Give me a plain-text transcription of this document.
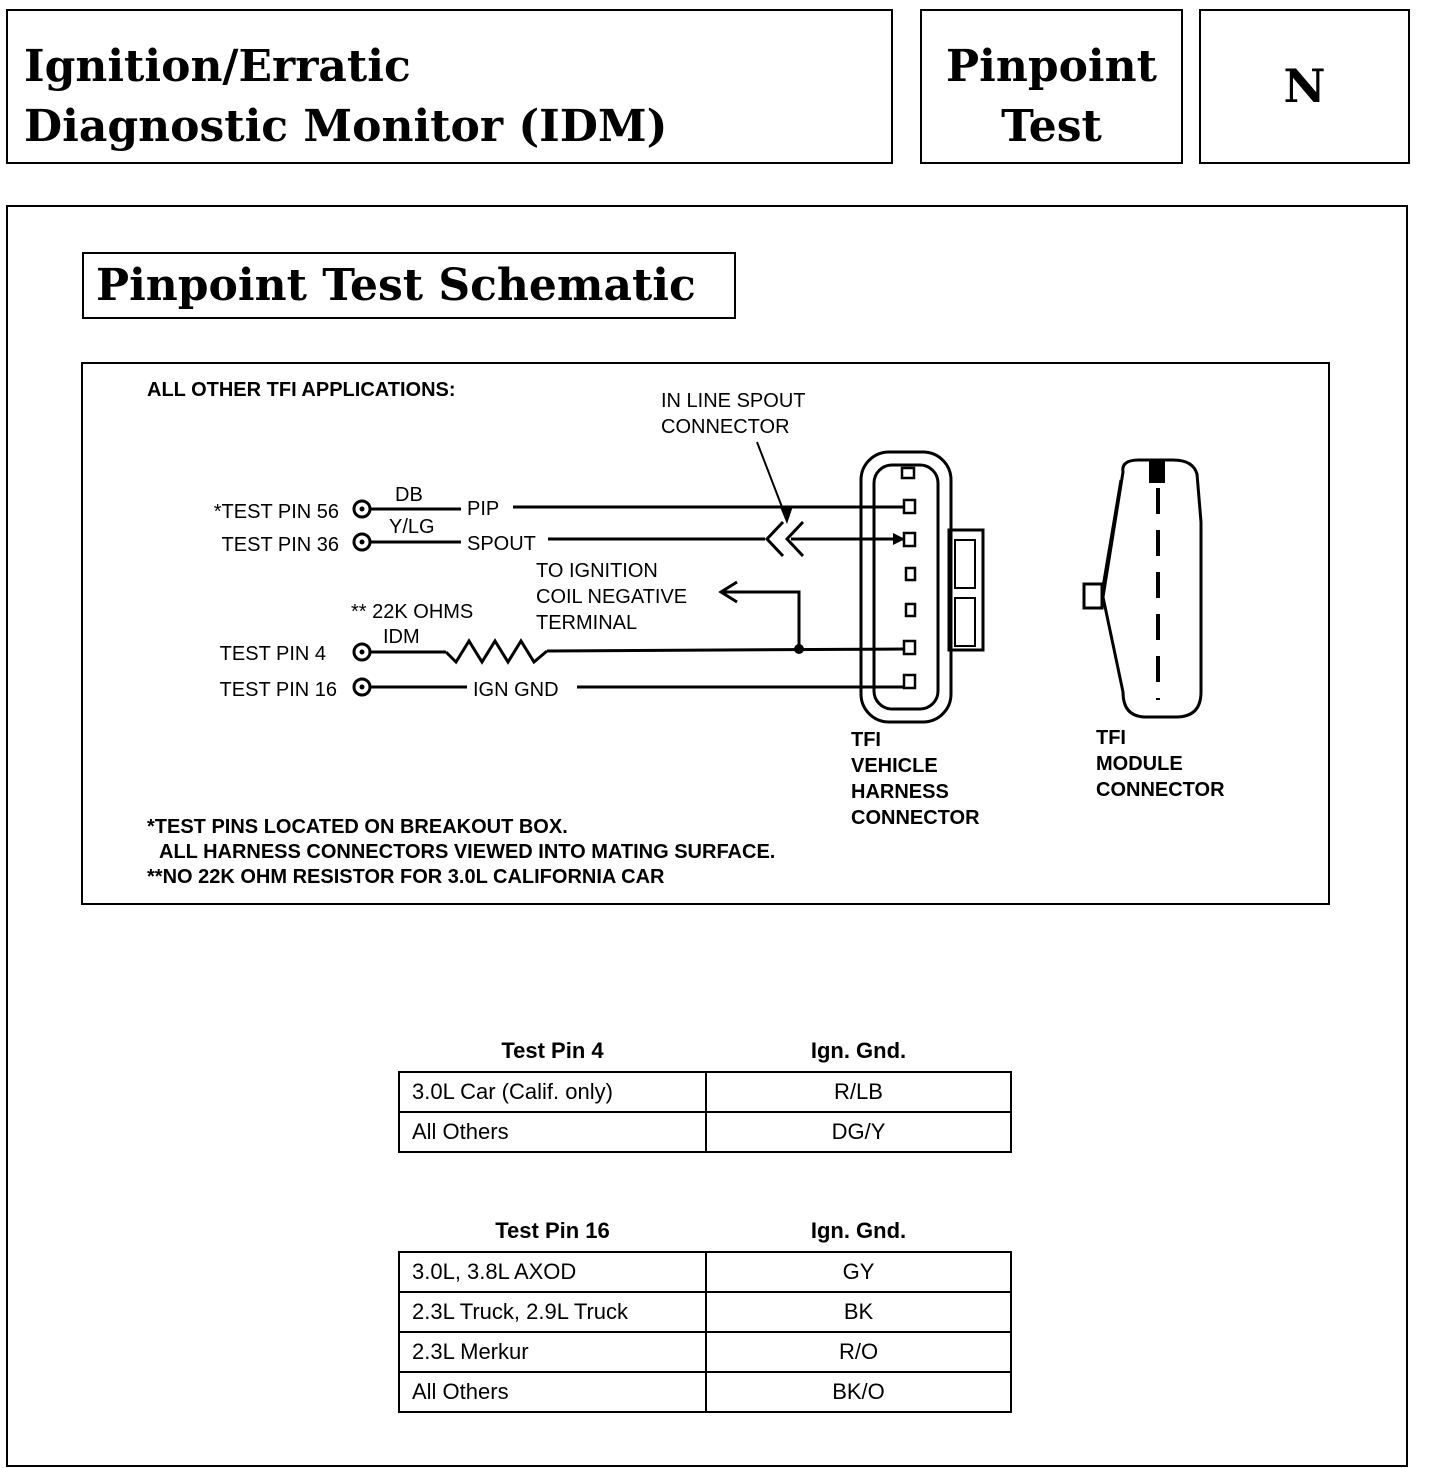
Ignition/Erratic
Diagnostic Monitor (IDM)
Pinpoint
Test
N
Pinpoint Test Schematic
ALL OTHER TFI APPLICATIONS:	IN LINE SPOUT
CONNECTOR
*TEST PIN 56
TEST PIN 36
TEST PIN 4
TEST PIN 16
DB
Y/LG
IDM
PIP
SPOUT
IGN GND
** 22K OHMS
TO IGNITION
COIL NEGATIVE
TERMINAL
TFI
VEHICLE
HARNESS
CONNECTOR
TFI
MODULE
CONNECTOR
*TEST PINS LOCATED ON BREAKOUT BOX.
ALL HARNESS CONNECTORS VIEWED INTO MATING SURFACE.
**NO 22K OHM RESISTOR FOR 3.0L CALIFORNIA CAR
Test Pin 4	Ign. Gnd.
3.0L Car (Calif. only)	R/LB
All Others	DG/Y
Test Pin 16	Ign. Gnd.
3.0L, 3.8L AXOD	GY
2.3L Truck, 2.9L Truck	BK
2.3L Merkur	R/O
All Others	BK/O
